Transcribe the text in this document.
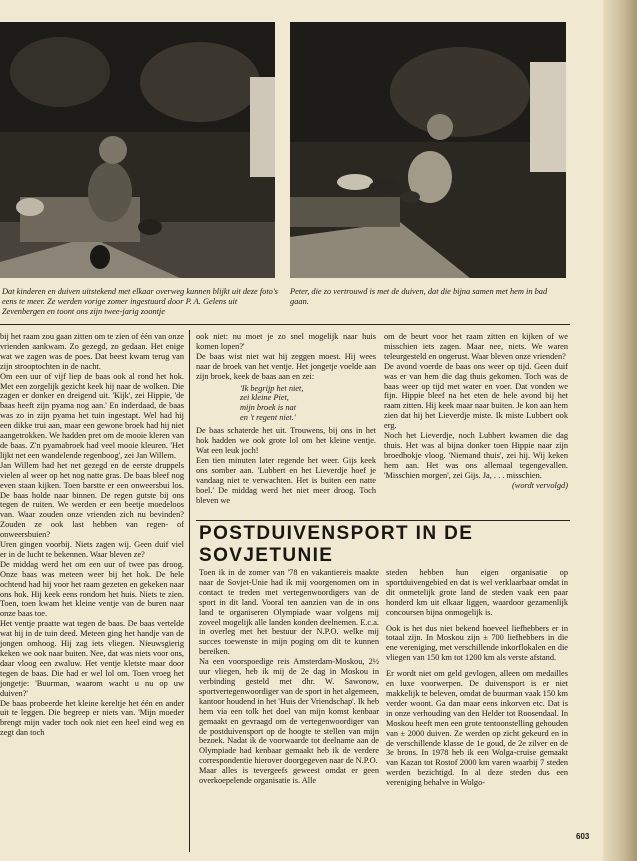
Dat kinderen en duiven uitstekend met elkaar overweg kunnen blijkt uit deze foto's eens te meer. Ze werden vorige zomer ingestuurd door P. A. Gelens uit Zevenbergen en toont ons zijn twee-jarig zoontje
Peter, die zo vertrouwd is met de duiven, dat die bijna samen met hem in bad gaan.

bij het raam zou gaan zitten om te zien of één van onze vrienden aankwam. Zo gezegd, zo gedaan. Het enige wat we zagen was de poes. Dat beest kwam terug van zijn strooptochten in de nacht.

Om een uur of vijf liep de baas ook al rond het hok. Met een zorgelijk gezicht keek hij naar de wolken. Die zagen er donker en dreigend uit. 'Kijk', zei Hippie, 'de baas heeft zijn pyama nog aan.' En inderdaad, de baas was zo in zijn pyama het tuin ingestapt. Wel had hij een dikke trui aan, maar een gewone broek had hij niet aangetrokken. We hadden pret om de mooie kleren van de baas. Z'n pyamabroek had veel mooie kleuren. 'Het lijkt net een wandelende regenboog', zei Jan Willem.

Jan Willem had het net gezegd en de eerste druppels vielen al weer op het nog natte gras. De baas bleef nog even staan kijken. Toen barstte er een onweersbui los. De baas holde naar binnen. De regen gutste bij ons tegen de ruiten. We werden er een beetje moedeloos van. Waar zouden onze vrienden zich nu bevinden? Zouden ze ook last hebben van regen- of onweersbuien?

Uren gingen voorbij. Niets zagen wij. Geen duif viel er in de lucht te bekennen. Waar bleven ze?

De middag werd het om een uur of twee pas droog. Onze baas was meteen weer bij het hok. De hele ochtend had hij voor het raam gezeten en gekeken naar ons hok. Hij keek eens rondom het huis. Niets te zien. Toen, toen kwam het kleine ventje van de buren naar onze baas toe.

Het ventje praatte wat tegen de baas. De baas vertelde wat hij in de tuin deed. Meteen ging het handje van de jongen omhoog. Hij zag iets vliegen. Nieuwsgierig keken we ook naar buiten. Nee, dat was niets voor ons, daar vloog een zwaluw. Het ventje kletste maar door tegen de baas. Die had er wel lol om. Toen vroeg het jongetje: 'Buurman, waarom wacht u nu op uw duiven?'

De baas probeerde het kleine kereltje het één en ander uit te leggen. Die begreep er niets van. 'Mijn moeder brengt mijn vader toch ook niet een heel eind weg en zegt dan toch

ook niet: nu moet je zo snel mogelijk naar huis komen lopen?'
De baas wist niet wat hij zeggen moest. Hij wees naar de broek van het ventje. Het jongetje voelde aan zijn broek, keek de baas aan en zei:

'Ik begrijp het niet,
zei kleine Piet,
mijn broek is nat
en 't regent niet.'

De baas schaterde het uit. Trouwens, bij ons in het hok hadden we ook grote lol om het kleine ventje. Wat een leuk joch!

Een tien minuten later regende het weer. Gijs keek ons somber aan. 'Lubbert en het Lieverdje hoef je vandaag niet te verwachten. Het is buiten een natte boel.' De middag werd het niet meer droog. Toch bleven we

om de beurt voor het raam zitten en kijken of we misschien iets zagen. Maar nee, niets. We waren teleurgesteld en ongerust. Waar bleven onze vrienden?

De avond voerde de baas ons weer op tijd. Geen duif was er van hem die dag thuis gekomen. Toch was de baas weer op tijd met water en voer. Dat vonden we fijn. Hippie bleef na het eten de hele avond bij het raam zitten. Hij keek maar naar buiten. Je kon aan hem zien dat hij het Lieverdje miste. Ik miste Lubbert ook erg.

Noch het Lieverdje, noch Lubbert kwamen die dag thuis. Het was al bijna donker toen Hippie naar zijn broedhokje vloog. 'Niemand thuis', zei hij. Wij keken hem aan. Het was ons allemaal tegengevallen. 'Misschien morgen', zei Gijs. Ja, . . . misschien.

(wordt vervolgd)

POSTDUIVENSPORT IN DE SOVJETUNIE

Toen ik in de zomer van '78 en vakantiereis maakte naar de Sovjet-Unie had ik mij voorgenomen om in contact te treden met vertegenwoordigers van de sport in dit land. Vooral ten aanzien van de in ons land te organiseren Olympiade waar volgens mij zoveel mogelijk alle landen konden deelnemen. E.c.a. in overleg met het bestuur der N.P.O. welke mij succes toewenste in mijn poging om dit te kunnen bereiken.

Na een voorspoedige reis Amsterdam-Moskou, 2½ uur vliegen, heb ik mij de 2e dag in Moskou in verbinding gesteld met dhr. W. Sawonow, sportvertegenwoordiger van de sport in het algemeen, kantoor houdend in het 'Huis der Vriendschap'. Ik heb hem via een tolk het doel van mijn komst kenbaar gemaakt en gevraagd om de vertegenwoordiger van de postduivensport op de hoogte te stellen van mijn bezoek. Nadat ik de voorwaarde tot deelname aan de Olympiade had kenbaar gemaakt heb ik de verdere correspondentie hierover doorgegeven naar de N.P.O.

Maar alles is tevergeefs geweest omdat er geen overkoepelende organisatie is. Alle

steden hebben hun eigen organisatie op sportduivengebied en dat is wel verklaarbaar omdat in dit onmetelijk grote land de steden vaak een paar honderd km uit elkaar liggen, waardoor gezamenlijk concoursen bijna onmogelijk is.

Ook is het dus niet bekend hoeveel liefhebbers er in totaal zijn. In Moskou zijn ± 700 liefhebbers in die ene vereniging, met verschillende inkorflokalen en die vliegen van 150 km tot 1200 km als verste afstand.

Er wordt niet om geld gevlogen, alleen om medailles en luxe voorwerpen. De duivensport is er niet makkelijk te beleven, omdat de buurman vaak 150 km verder woont. Ga dan maar eens inkorven etc. Dat is in onze verhouding van den Helder tot Roosendaal. In Moskou heeft men een grote tentoonstelling gehouden van ± 2000 duiven. Ze werden op zicht gekeurd en in de verschillende klasse de 1e goud, de 2e zilver en de 3e brons. In 1978 heb ik een Wolga-cruise gemaakt van Kazan tot Rostof 2000 km varen waarbij 7 steden werden bezichtigd. In al deze steden dus een vereniging behalve in Wolgo-

603
